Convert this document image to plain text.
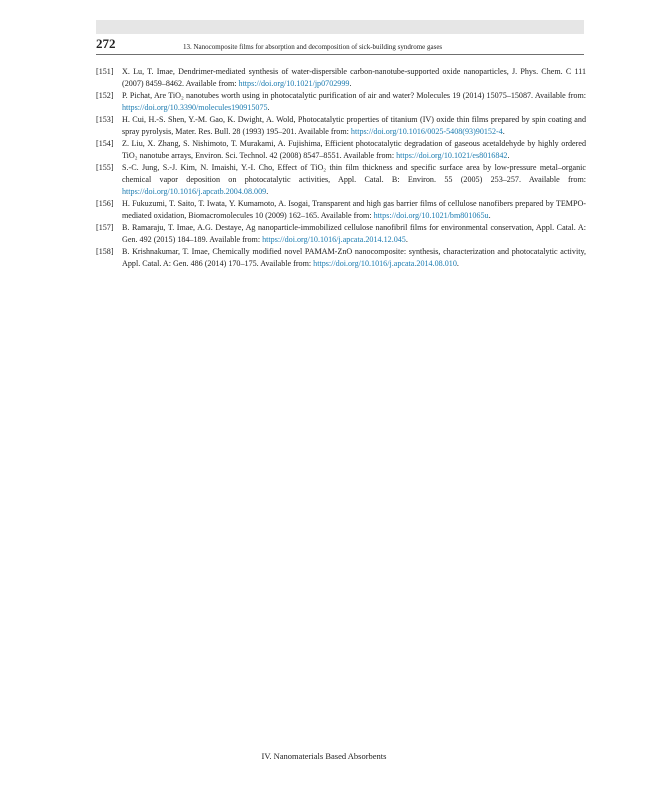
272	13. Nanocomposite films for absorption and decomposition of sick-building syndrome gases
[151] X. Lu, T. Imae, Dendrimer-mediated synthesis of water-dispersible carbon-nanotube-supported oxide nanoparticles, J. Phys. Chem. C 111 (2007) 8459–8462. Available from: https://doi.org/10.1021/jp0702999.
[152] P. Pichat, Are TiO₂ nanotubes worth using in photocatalytic purification of air and water? Molecules 19 (2014) 15075–15087. Available from: https://doi.org/10.3390/molecules190915075.
[153] H. Cui, H.-S. Shen, Y.-M. Gao, K. Dwight, A. Wold, Photocatalytic properties of titanium (IV) oxide thin films prepared by spin coating and spray pyrolysis, Mater. Res. Bull. 28 (1993) 195–201. Available from: https://doi.org/10.1016/0025-5408(93)90152-4.
[154] Z. Liu, X. Zhang, S. Nishimoto, T. Murakami, A. Fujishima, Efficient photocatalytic degradation of gaseous acetaldehyde by highly ordered TiO₂ nanotube arrays, Environ. Sci. Technol. 42 (2008) 8547–8551. Available from: https://doi.org/10.1021/es8016842.
[155] S.-C. Jung, S.-J. Kim, N. Imaishi, Y.-I. Cho, Effect of TiO₂ thin film thickness and specific surface area by low-pressure metal–organic chemical vapor deposition on photocatalytic activities, Appl. Catal. B: Environ. 55 (2005) 253–257. Available from: https://doi.org/10.1016/j.apcatb.2004.08.009.
[156] H. Fukuzumi, T. Saito, T. Iwata, Y. Kumamoto, A. Isogai, Transparent and high gas barrier films of cellulose nanofibers prepared by TEMPO-mediated oxidation, Biomacromolecules 10 (2009) 162–165. Available from: https://doi.org/10.1021/bm801065u.
[157] B. Ramaraju, T. Imae, A.G. Destaye, Ag nanoparticle-immobilized cellulose nanofibril films for environmental conservation, Appl. Catal. A: Gen. 492 (2015) 184–189. Available from: https://doi.org/10.1016/j.apcata.2014.12.045.
[158] B. Krishnakumar, T. Imae, Chemically modified novel PAMAM-ZnO nanocomposite: synthesis, characterization and photocatalytic activity, Appl. Catal. A: Gen. 486 (2014) 170–175. Available from: https://doi.org/10.1016/j.apcata.2014.08.010.
IV. Nanomaterials Based Absorbents
